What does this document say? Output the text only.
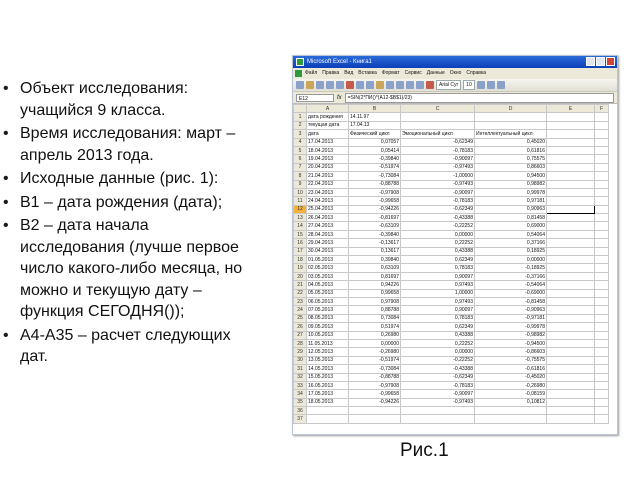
• Объект исследования: учащийся 9 класса.
• Время исследования: март – апрель 2013 года.
• Исходные данные (рис. 1):
• В1 – дата рождения (дата);
• В2 – дата начала исследования (лучше первое число какого-либо месяца, но можно и текущую дату – функция СЕГОДНЯ());
• А4-А35 – расчет следующих дат.
Microsoft Excel - Книга1
Файл Правка Вид Вставка Формат Сервис Данные Окно Справка
Arial Cyr	10
E12	fx	=SIN(2*ПИ()*(A12-$B$1)/23)
	A	B	C	D	E	F
1	дата рождения	14.11.97				
2	текущая дата	17.04.13				
3	дата	Физический цикл	Эмоциональный цикл	Интеллектуальный цикл		
4	17.04.2013	0,07057	-0,62349	0,45020		
5	18.04.2013	0,05414	-0,78183	0,61816		
6	19.04.2013	-0,39840	-0,90097	0,75575		
7	20.04.2013	-0,51974	-0,97493	0,86603		
8	21.04.2013	-0,73084	-1,00000	0,94500		
9	22.04.2013	-0,88788	-0,97493	0,98982		
10	23.04.2013	-0,97908	-0,90097	0,99978		
11	24.04.2013	-0,99658	-0,78183	0,97181		
12	25.04.2013	-0,94226	-0,62349	0,90963		
13	26.04.2013	-0,81697	-0,43388	0,81458		
14	27.04.2013	-0,63109	-0,22252	0,69000		
15	28.04.2013	-0,39840	0,00000	0,54064		
16	29.04.2013	-0,13617	0,22252	0,37166		
17	30.04.2013	0,13617	0,43388	0,18925		
18	01.05.2013	0,39840	0,62349	0,00000		
19	02.05.2013	0,63109	0,78183	-0,18925		
20	03.05.2013	0,81697	0,90097	-0,37166		
21	04.05.2013	0,94226	0,97493	-0,54064		
22	05.05.2013	0,99658	1,00000	-0,69000		
23	06.05.2013	0,97908	0,97493	-0,81458		
24	07.05.2013	0,88788	0,90097	-0,90963		
25	08.05.2013	0,73084	0,78183	-0,97181		
26	09.05.2013	0,51974	0,62349	-0,99978		
27	10.05.2013	0,26980	0,43388	-0,98982		
28	11.05.2013	0,00000	0,22252	-0,94500		
29	12.05.2013	-0,26980	0,00000	-0,86603		
30	13.05.2013	-0,51974	-0,22252	-0,75575		
31	14.05.2013	-0,73084	-0,43388	-0,61816		
32	15.05.2013	-0,88788	-0,62349	-0,45020		
33	16.05.2013	-0,97908	-0,78183	-0,26980		
34	17.05.2013	-0,99658	-0,90097	-0,08159		
35	18.05.2013	-0,94226	-0,97493	0,10812		
36						
37						
Рис.1
